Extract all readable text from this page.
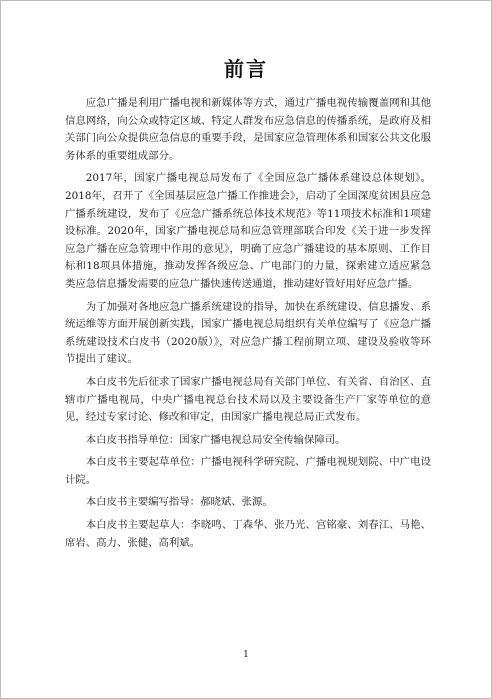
前言

应急广播是利用广播电视和新媒体等方式，通过广播电视传输覆盖网和其他信息网络，向公众或特定区域、特定人群发布应急信息的传播系统，是政府及相关部门向公众提供应急信息的重要手段，是国家应急管理体系和国家公共文化服务体系的重要组成部分。

2017年，国家广播电视总局发布了《全国应急广播体系建设总体规划》。2018年，召开了《全国基层应急广播工作推进会》，启动了全国深度贫困县应急广播系统建设，发布了《应急广播系统总体技术规范》等11项技术标准和1项建设标准。2020年，国家广播电视总局和应急管理部联合印发《关于进一步发挥应急广播在应急管理中作用的意见》，明确了应急广播建设的基本原则、工作目标和18项具体措施，推动发挥各级应急、广电部门的力量，探索建立适应紧急类应急信息播发需要的应急广播快速传送通道，推动建好管好用好应急广播。

为了加强对各地应急广播系统建设的指导，加快在系统建设、信息播发、系统运维等方面开展创新实践，国家广播电视总局组织有关单位编写了《应急广播系统建设技术白皮书（2020版）》，对应急广播工程前期立项、建设及验收等环节提出了建议。

本白皮书先后征求了国家广播电视总局有关部门单位、有关省、自治区、直辖市广播电视局，中央广播电视总台技术局以及主要设备生产厂家等单位的意见，经过专家讨论、修改和审定，由国家广播电视总局正式发布。

本白皮书指导单位：国家广播电视总局安全传输保障司。

本白皮书主要起草单位：广播电视科学研究院、广播电视规划院、中广电设计院。

本白皮书主要编写指导：郝晓斌、张源。

本白皮书主要起草人：李晓鸣、丁森华、张乃光、宫铭豪、刘春江、马艳、席岩、高力、张健、高利斌。

1
